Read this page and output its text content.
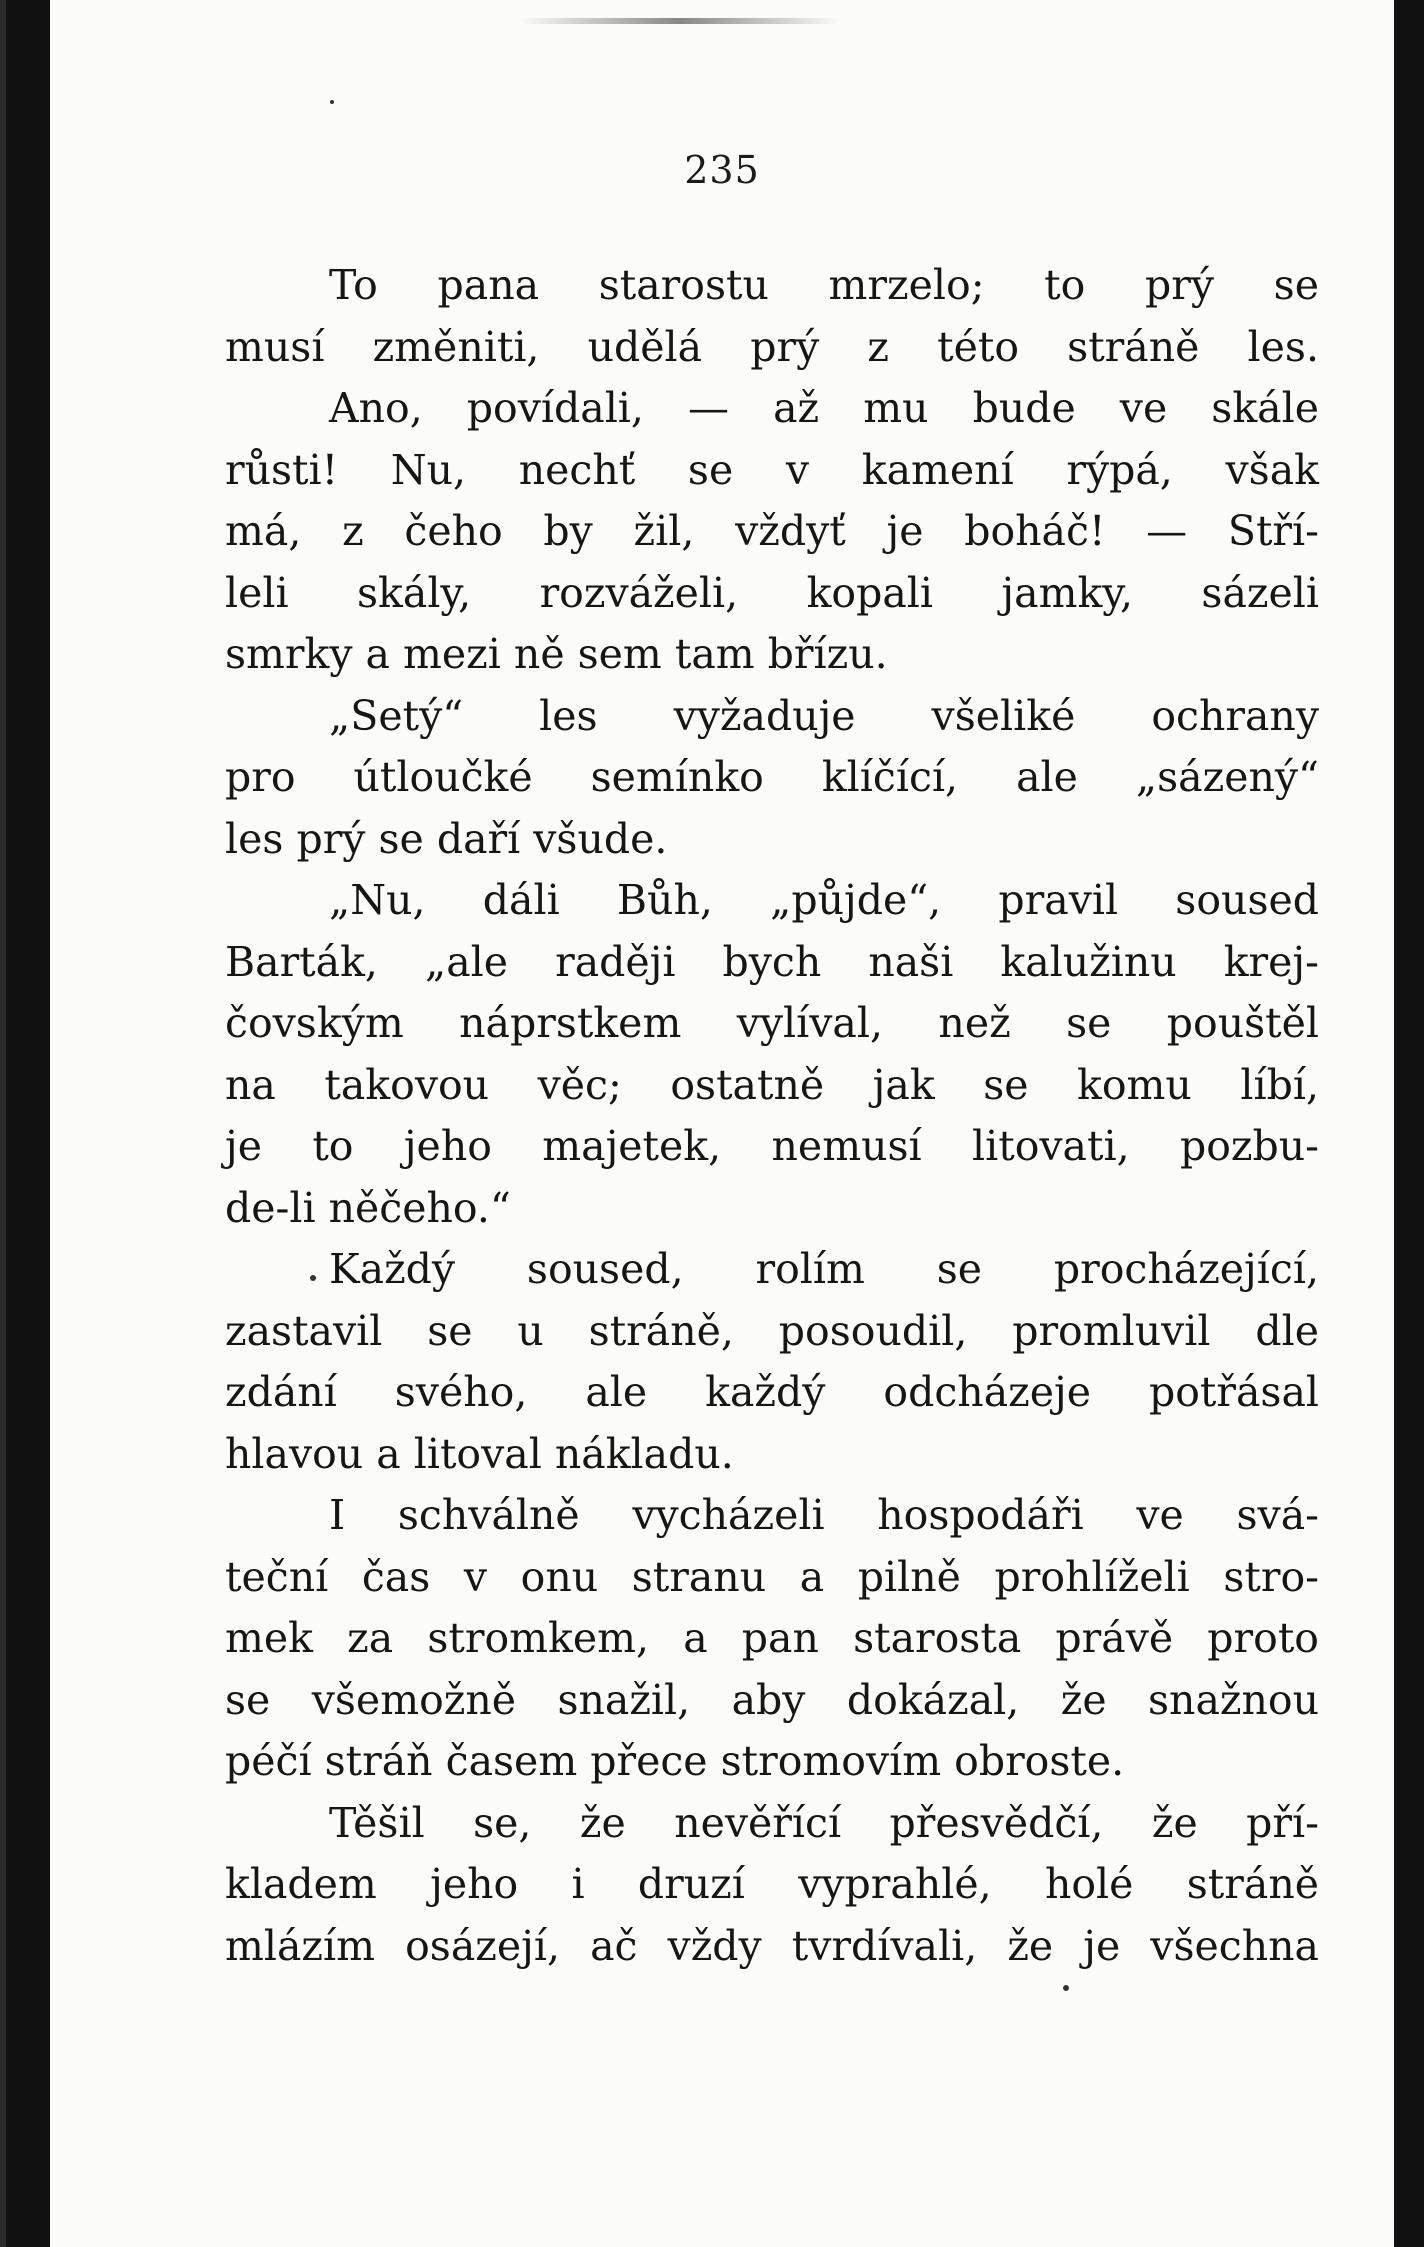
235

To pana starostu mrzelo; to prý se

musí změniti, udělá prý z této stráně les.

Ano, povídali, — až mu bude ve skále

růsti! Nu, nechť se v kamení rýpá, však

má, z čeho by žil, vždyť je boháč! — Stří-

leli skály, rozváželi, kopali jamky, sázeli

smrky a mezi ně sem tam břízu.

„Setý“ les vyžaduje všeliké ochrany

pro útloučké semínko klíčící, ale „sázený“

les prý se daří všude.

„Nu, dáli Bůh, „půjde“, pravil soused

Barták, „ale raději bych naši kalužinu krej-

čovským náprstkem vylíval, než se pouštěl

na takovou věc; ostatně jak se komu líbí,

je to jeho majetek, nemusí litovati, pozbu-

de-li něčeho.“

Každý soused, rolím se procházející,

zastavil se u stráně, posoudil, promluvil dle

zdání svého, ale každý odcházeje potřásal

hlavou a litoval nákladu.

I schválně vycházeli hospodáři ve svá-

teční čas v onu stranu a pilně prohlíželi stro-

mek za stromkem, a pan starosta právě proto

se všemožně snažil, aby dokázal, že snažnou

péčí stráň časem přece stromovím obroste.

Těšil se, že nevěřící přesvědčí, že pří-

kladem jeho i druzí vyprahlé, holé stráně

mlázím osázejí, ač vždy tvrdívali, že je všechna
